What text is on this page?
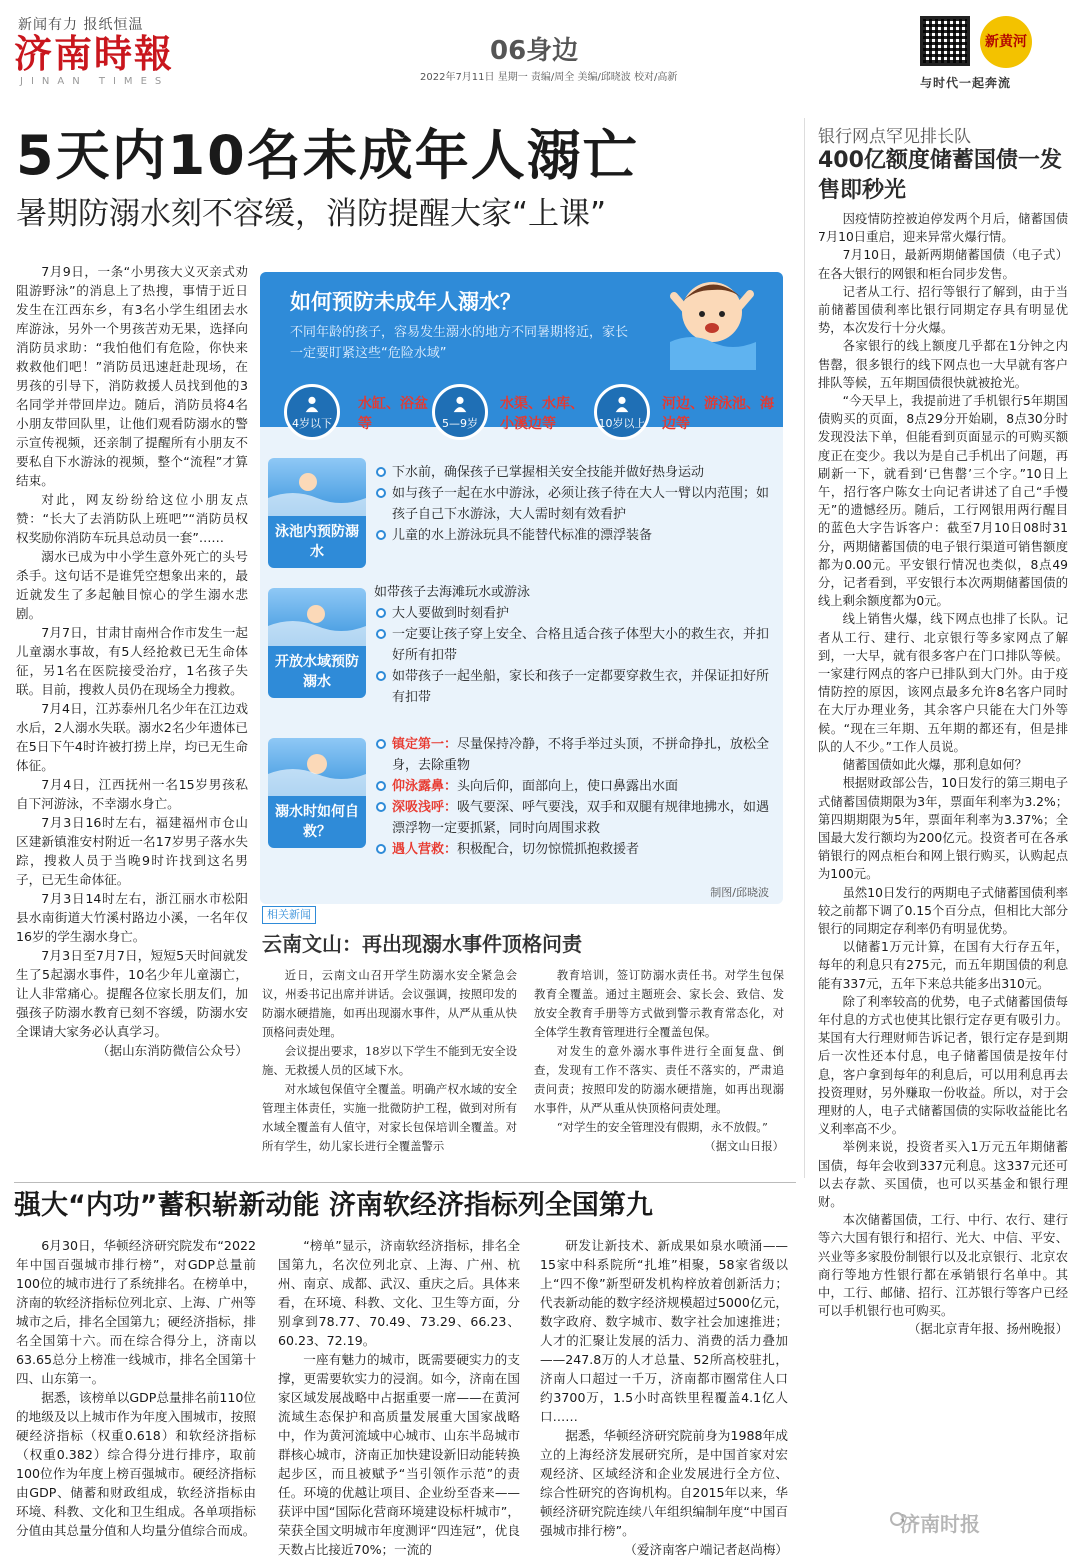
新闻有力 报纸恒温
济南時報
JINAN TIMES
06身边
2022年7月11日 星期一 责编/周全 美编/邱晓波 校对/高新
新黄河
与时代一起奔流
5天内10名未成年人溺亡
暑期防溺水刻不容缓，消防提醒大家“上课”

7月9日，一条“小男孩大义灭亲式劝阻游野泳”的消息上了热搜，事情于近日发生在江西东乡，有3名小学生组团去水库游泳，另外一个男孩苦劝无果，选择向消防员求助：“我怕他们有危险，你快来救救他们吧！”消防员迅速赶赴现场，在男孩的引导下，消防救援人员找到他的3名同学并带回岸边。随后，消防员将4名小朋友带回队里，让他们观看防溺水的警示宣传视频，还亲制了提醒所有小朋友不要私自下水游泳的视频，整个“流程”才算结束。

对此，网友纷纷给这位小朋友点赞：“长大了去消防队上班吧”“消防员权权奖励你消防车玩具总动员一套”……

溺水已成为中小学生意外死亡的头号杀手。这句话不是谁凭空想象出来的，最近就发生了多起触目惊心的学生溺水悲剧。

7月7日，甘肃甘南州合作市发生一起儿童溺水事故，有5人经抢救已无生命体征，另1名在医院接受治疗，1名孩子失联。目前，搜救人员仍在现场全力搜救。

7月4日，江苏泰州几名少年在江边戏水后，2人溺水失联。溺水2名少年遗体已在5日下午4时许被打捞上岸，均已无生命体征。

7月4日，江西抚州一名15岁男孩私自下河游泳，不幸溺水身亡。

7月3日16时左右，福建福州市仓山区建新镇淮安村附近一名17岁男子落水失踪，搜救人员于当晚9时许找到这名男子，已无生命体征。

7月3日14时左右，浙江丽水市松阳县水南街道大竹溪村路边小溪，一名年仅16岁的学生溺水身亡。

7月3日至7月7日，短短5天时间就发生了5起溺水事件，10名少年儿童溺亡，让人非常痛心。提醒各位家长朋友们，加强孩子防溺水教育已刻不容缓，防溺水安全课请大家务必认真学习。

（据山东消防微信公众号）

如何预防未成年人溺水？
不同年龄的孩子，容易发生溺水的地方不同暑期将近，家长一定要盯紧这些“危险水域”
4岁以下
水缸、浴盆等	5—9岁
水渠、水库、小溪边等	10岁以上
河边、游泳池、海边等
泳池内预防溺水
下水前，确保孩子已掌握相关安全技能并做好热身运动
如与孩子一起在水中游泳，必须让孩子待在大人一臂以内范围；如孩子自己下水游泳，大人需时刻有效看护
儿童的水上游泳玩具不能替代标准的漂浮装备
开放水域预防溺水
如带孩子去海滩玩水或游泳
大人要做到时刻看护
一定要让孩子穿上安全、合格且适合孩子体型大小的救生衣，并扣好所有扣带
如带孩子一起坐船，家长和孩子一定都要穿救生衣，并保证扣好所有扣带
溺水时如何自救？
镇定第一：尽量保持冷静，不将手举过头顶，不拼命挣扎，放松全身，去除重物
仰泳露鼻：头向后仰，面部向上，使口鼻露出水面
深吸浅呼：吸气要深、呼气要浅，双手和双腿有规律地拂水，如遇漂浮物一定要抓紧，同时向周围求救
遇人营救：积极配合，切勿惊慌抓抱救援者
制图/邱晓波
相关新闻
云南文山：再出现溺水事件顶格问责

近日，云南文山召开学生防溺水安全紧急会议，州委书记出席并讲话。会议强调，按照印发的防溺水硬措施，如再出现溺水事件，从严从重从快顶格问责处理。

会议提出要求，18岁以下学生不能到无安全设施、无救援人员的区域下水。

对水域包保值守全覆盖。明确产权水域的安全管理主体责任，实施一批微防护工程，做到对所有水域全覆盖有人值守，对家长包保培训全覆盖。对所有学生，幼儿家长进行全覆盖警示

教育培训，签订防溺水责任书。对学生包保教育全覆盖。通过主题班会、家长会、致信、发放安全教育手册等方式做到警示教育常态化，对全体学生教育管理进行全覆盖包保。

对发生的意外溺水事件进行全面复盘、倒查，发现有工作不落实、责任不落实的，严肃追责问责；按照印发的防溺水硬措施，如再出现溺水事件，从严从重从快顶格问责处理。

“对学生的安全管理没有假期，永不放假。”

（据文山日报）

银行网点罕见排长队
400亿额度储蓄国债一发售即秒光

因疫情防控被迫停发两个月后，储蓄国债7月10日重启，迎来异常火爆行情。

7月10日，最新两期储蓄国债（电子式）在各大银行的网银和柜台同步发售。

记者从工行、招行等银行了解到，由于当前储蓄国债利率比银行同期定存具有明显优势，本次发行十分火爆。

各家银行的线上额度几乎都在1分钟之内售罄，很多银行的线下网点也一大早就有客户排队等候，五年期国债很快就被抢光。

“今天早上，我提前进了手机银行5年期国债购买的页面，8点29分开始刷，8点30分时发现没法下单，但能看到页面显示的可购买额度正在变少。我以为是自己手机出了问题，再刷新一下，就看到‘已售罄’三个字。”10日上午，招行客户陈女士向记者讲述了自己“手慢无”的遗憾经历。随后，工行网银用两行醒目的蓝色大字告诉客户：截至7月10日08时31分，两期储蓄国债的电子银行渠道可销售额度都为0.00元。平安银行情况也类似，8点49分，记者看到，平安银行本次两期储蓄国债的线上剩余额度都为0元。

线上销售火爆，线下网点也排了长队。记者从工行、建行、北京银行等多家网点了解到，一大早，就有很多客户在门口排队等候。一家建行网点的客户已排队到大门外。由于疫情防控的原因，该网点最多允许8名客户同时在大厅办理业务，其余客户只能在大门外等候。“现在三年期、五年期的都还有，但是排队的人不少。”工作人员说。

储蓄国债如此火爆，那利息如何？

根据财政部公告，10日发行的第三期电子式储蓄国债期限为3年，票面年利率为3.2%；第四期期限为5年，票面年利率为3.37%；全国最大发行额均为200亿元。投资者可在各承销银行的网点柜台和网上银行购买，认购起点为100元。

虽然10日发行的两期电子式储蓄国债利率较之前都下调了0.15个百分点，但相比大部分银行的同期定存利率仍有明显优势。

以储蓄1万元计算，在国有大行存五年，每年的利息只有275元，而五年期国债的利息能有337元，五年下来总共能多出310元。

除了利率较高的优势，电子式储蓄国债每年付息的方式也使其比银行定存更有吸引力。某国有大行理财师告诉记者，银行定存是到期后一次性还本付息，电子储蓄国债是按年付息，客户拿到每年的利息后，可以用利息再去投资理财，另外赚取一份收益。所以，对于会理财的人，电子式储蓄国债的实际收益能比名义利率高不少。

举例来说，投资者买入1万元五年期储蓄国债，每年会收到337元利息。这337元还可以去存款、买国债，也可以买基金和银行理财。

本次储蓄国债，工行、中行、农行、建行等六大国有银行和招行、光大、中信、平安、兴业等多家股份制银行以及北京银行、北京农商行等地方性银行都在承销银行名单中。其中，工行、邮储、招行、江苏银行等客户已经可以手机银行也可购买。

（据北京青年报、扬州晚报）

强大“内功”蓄积崭新动能 济南软经济指标列全国第九

6月30日，华顿经济研究院发布“2022年中国百强城市排行榜”，对GDP总量前100位的城市进行了系统排名。在榜单中，济南的软经济指标位列北京、上海、广州等城市之后，排名全国第九；硬经济指标，排名全国第十六。而在综合得分上，济南以63.65总分上榜准一线城市，排名全国第十四、山东第一。

据悉，该榜单以GDP总量排名前110位的地级及以上城市作为年度入围城市，按照硬经济指标（权重0.618）和软经济指标（权重0.382）综合得分进行排序，取前100位作为年度上榜百强城市。硬经济指标由GDP、储蓄和财政组成，软经济指标由环境、科教、文化和卫生组成。各单项指标分值由其总量分值和人均量分值综合而成。

“榜单”显示，济南软经济指标，排名全国第九，名次位列北京、上海、广州、杭州、南京、成都、武汉、重庆之后。具体来看，在环境、科教、文化、卫生等方面，分别拿到78.77、70.49、73.29、66.23、60.23、72.19。

一座有魅力的城市，既需要硬实力的支撑，更需要软实力的浸润。如今，济南在国家区域发展战略中占据重要一席——在黄河流域生态保护和高质量发展重大国家战略中，作为黄河流域中心城市、山东半岛城市群核心城市，济南正加快建设新旧动能转换起步区，而且被赋予“当引领作示范”的责任。环境的优越让项目、企业纷至沓来——获评中国“国际化营商环境建设标杆城市”，荣获全国文明城市年度测评“四连冠”，优良天数占比接近70%；一流的

研发让新技术、新成果如泉水喷涌——15家中科系院所“扎堆”相聚，58家省级以上“四不像”新型研发机构梓放着创新活力；代表新动能的数字经济规模超过5000亿元，数字政府、数字城市、数字社会加速推进；人才的汇聚让发展的活力、消费的活力叠加——247.8万的人才总量、52所高校驻扎，济南人口超过一千万，济南都市圈常住人口约3700万，1.5小时高铁里程覆盖4.1亿人口……

据悉，华顿经济研究院前身为1988年成立的上海经济发展研究所，是中国首家对宏观经济、区域经济和企业发展进行全方位、综合性研究的咨询机构。自2015年以来，华顿经济研究院连续八年组织编制年度“中国百强城市排行榜”。

（爱济南客户端记者赵尚梅）

济南时报
